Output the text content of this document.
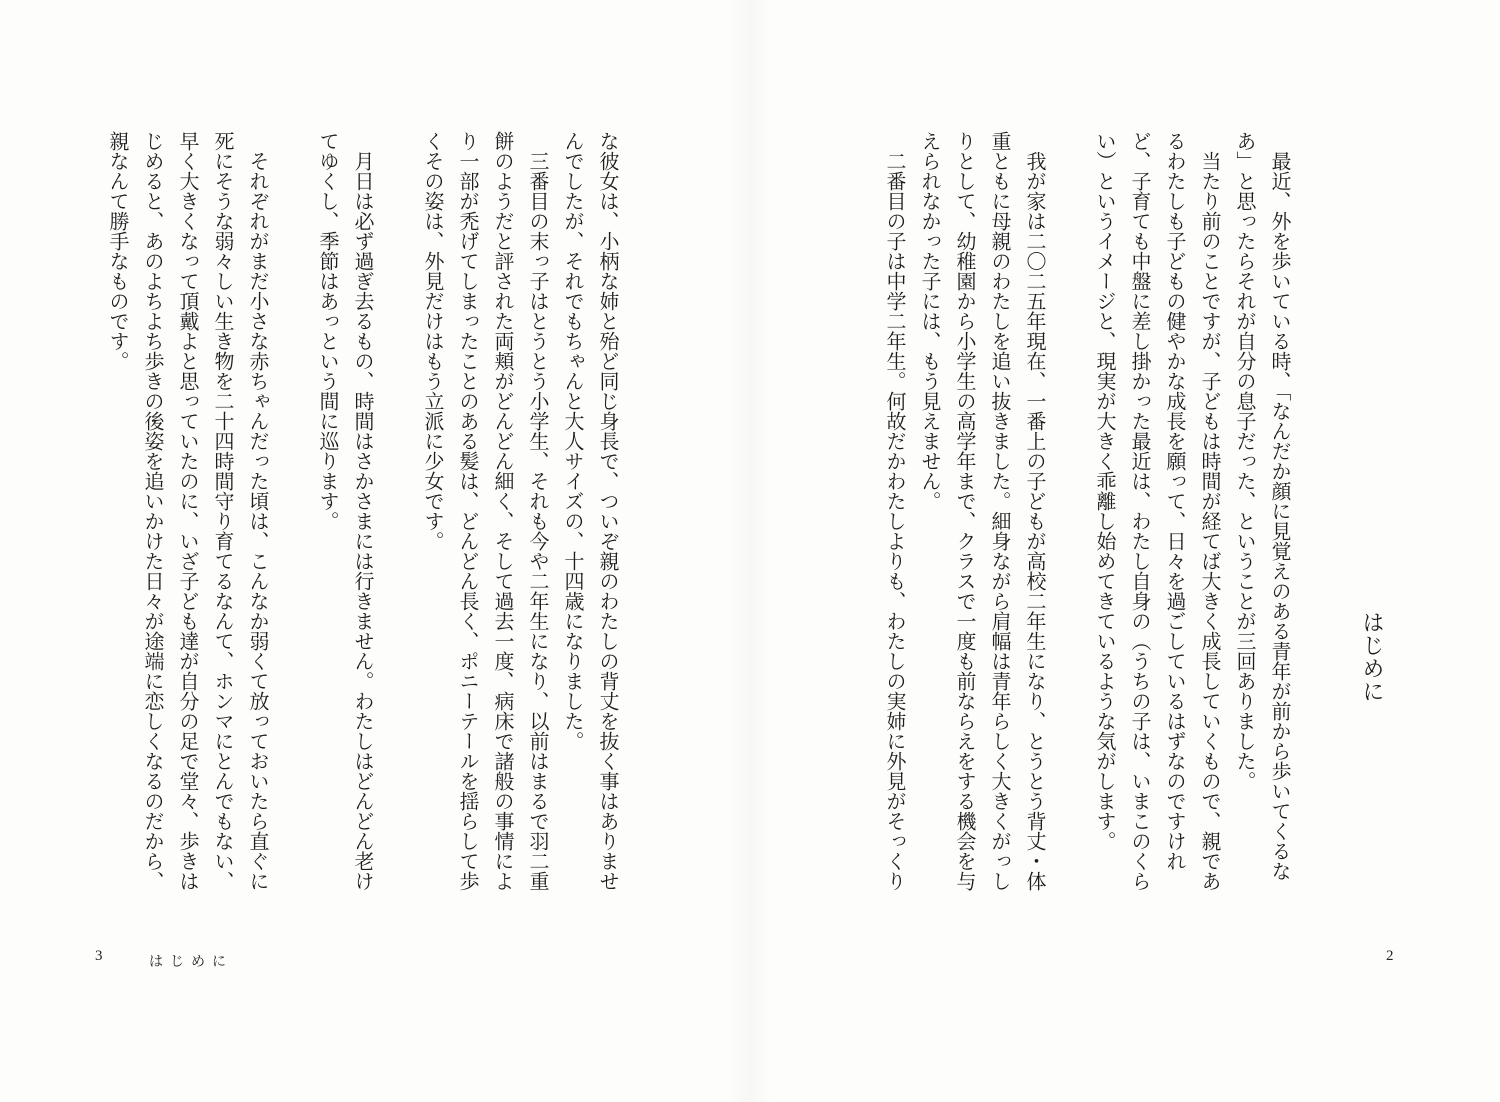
はじめに

最近、外を歩いている時、「なんだか顔に見覚えのある青年が前から歩いてくるなあ」と思ったらそれが自分の息子だった、ということが三回ありました。

当たり前のことですが、子どもは時間が経てば大きく成長していくもので、親であるわたしも子どもの健やかな成長を願って、日々を過ごしているはずなのですけれど、子育ても中盤に差し掛かった最近は、わたし自身の（うちの子は、いまこのくらい）というイメージと、現実が大きく乖離し始めてきているような気がします。

我が家は二〇二五年現在、一番上の子どもが高校二年生になり、とうとう背丈・体重ともに母親のわたしを追い抜きました。細身ながら肩幅は青年らしく大きくがっしりとして、幼稚園から小学生の高学年まで、クラスで一度も前ならえをする機会を与えられなかった子には、もう見えません。

二番目の子は中学二年生。何故だかわたしよりも、わたしの実姉に外見がそっくり

2

な彼女は、小柄な姉と殆ど同じ身長で、ついぞ親のわたしの背丈を抜く事はありませんでしたが、それでもちゃんと大人サイズの、十四歳になりました。

三番目の末っ子はとうとう小学生、それも今や二年生になり、以前はまるで羽二重餅のようだと評された両頬がどんどん細く、そして過去一度、病床で諸般の事情により一部が禿げてしまったことのある髪は、どんどん長く、ポニーテールを揺らして歩くその姿は、外見だけはもう立派に少女です。

月日は必ず過ぎ去るもの、時間はさかさまには行きません。わたしはどんどん老けてゆくし、季節はあっという間に巡ります。

それぞれがまだ小さな赤ちゃんだった頃は、こんなか弱くて放っておいたら直ぐに死にそうな弱々しい生き物を二十四時間守り育てるなんて、ホンマにとんでもない、早く大きくなって頂戴よと思っていたのに、いざ子ども達が自分の足で堂々、歩きはじめると、あのよちよち歩きの後姿を追いかけた日々が途端に恋しくなるのだから、親なんて勝手なものです。

3	はじめに
